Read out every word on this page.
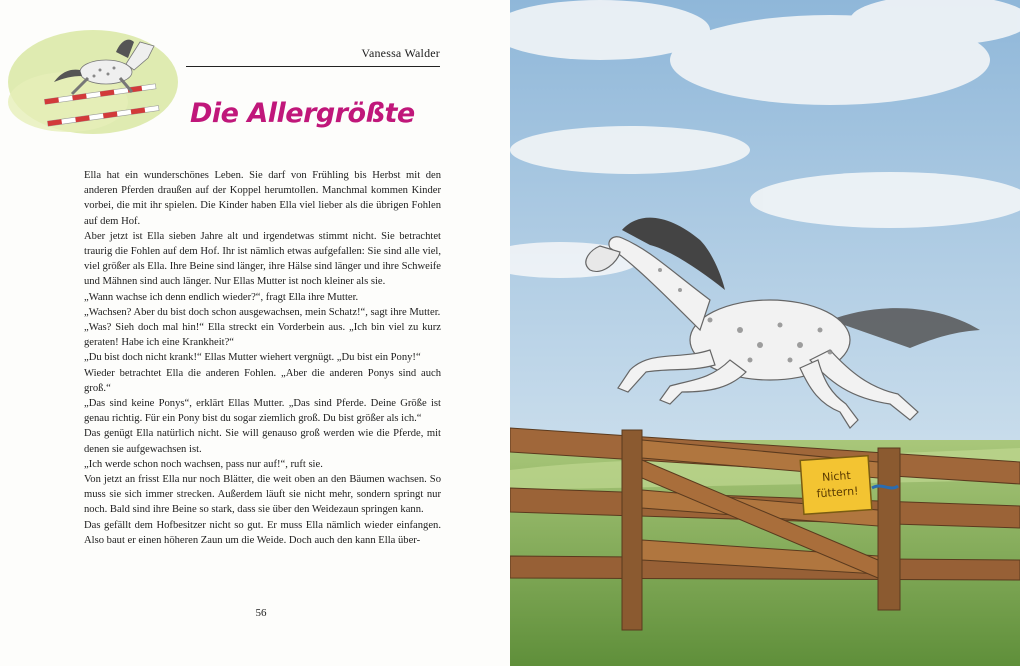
Vanessa Walder
Die Allergrößte

Ella hat ein wunderschönes Leben. Sie darf von Frühling bis Herbst mit den anderen Pferden draußen auf der Koppel herumtollen. Manchmal kommen Kinder vorbei, die mit ihr spielen. Die Kinder haben Ella viel lieber als die übrigen Fohlen auf dem Hof.

Aber jetzt ist Ella sieben Jahre alt und irgendetwas stimmt nicht. Sie betrachtet traurig die Fohlen auf dem Hof. Ihr ist nämlich etwas aufgefallen: Sie sind alle viel, viel größer als Ella. Ihre Beine sind länger, ihre Hälse sind länger und ihre Schweife und Mähnen sind auch länger. Nur Ellas Mutter ist noch kleiner als sie.

„Wann wachse ich denn endlich wieder?“, fragt Ella ihre Mutter.

„Wachsen? Aber du bist doch schon ausgewachsen, mein Schatz!“, sagt ihre Mutter.

„Was? Sieh doch mal hin!“ Ella streckt ein Vorderbein aus. „Ich bin viel zu kurz geraten! Habe ich eine Krankheit?“

„Du bist doch nicht krank!“ Ellas Mutter wiehert vergnügt. „Du bist ein Pony!“

Wieder betrachtet Ella die anderen Fohlen. „Aber die anderen Ponys sind auch groß.“

„Das sind keine Ponys“, erklärt Ellas Mutter. „Das sind Pferde. Deine Größe ist genau richtig. Für ein Pony bist du sogar ziemlich groß. Du bist größer als ich.“

Das genügt Ella natürlich nicht. Sie will genauso groß werden wie die Pferde, mit denen sie aufgewachsen ist.

„Ich werde schon noch wachsen, pass nur auf!“, ruft sie.

Von jetzt an frisst Ella nur noch Blätter, die weit oben an den Bäumen wachsen. So muss sie sich immer strecken. Außerdem läuft sie nicht mehr, sondern springt nur noch. Bald sind ihre Beine so stark, dass sie über den Weidezaun springen kann.

Das gefällt dem Hofbesitzer nicht so gut. Er muss Ella nämlich wieder einfangen. Also baut er einen höheren Zaun um die Weide. Doch auch den kann Ella über-

56
Nicht
füttern!
